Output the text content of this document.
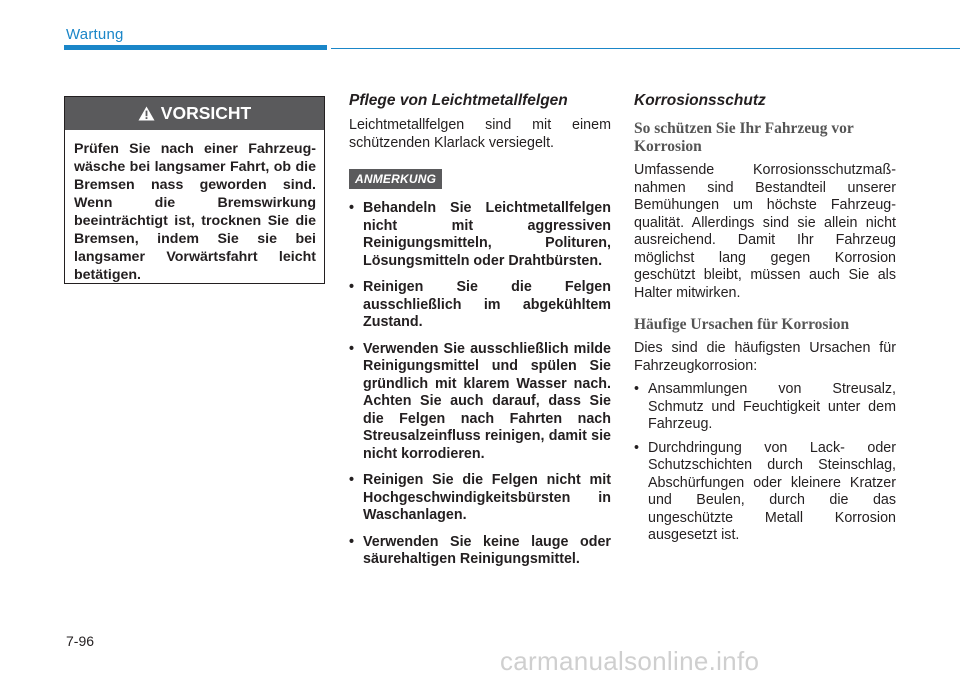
Wartung
VORSICHT
Prüfen Sie nach einer Fahrzeugwäsche bei langsamer Fahrt, ob die Bremsen nass geworden sind. Wenn die Bremswirkung beeinträchtigt ist, trocknen Sie die Bremsen, indem Sie sie bei langsamer Vorwärtsfahrt leicht betätigen.
Pflege von Leichtmetallfelgen

Leichtmetallfelgen sind mit einem schützenden Klarlack versiegelt.

ANMERKUNG
• Behandeln Sie Leichtmetallfelgen nicht mit aggressiven Reinigungsmitteln, Polituren, Lösungsmitteln oder Drahtbürsten.
• Reinigen Sie die Felgen ausschließlich im abgekühltem Zustand.
• Verwenden Sie ausschließlich milde Reinigungsmittel und spülen Sie gründlich mit klarem Wasser nach. Achten Sie auch darauf, dass Sie die Felgen nach Fahrten nach Streusalzeinfluss reinigen, damit sie nicht korrodieren.
• Reinigen Sie die Felgen nicht mit Hochgeschwindigkeitsbürsten in Waschanlagen.
• Verwenden Sie keine lauge oder säurehaltigen Reinigungsmittel.
Korrosionsschutz
So schützen Sie Ihr Fahrzeug vor Korrosion

Umfassende Korrosionsschutzmaßnahmen sind Bestandteil unserer Bemühungen um höchste Fahrzeugqualität. Allerdings sind sie allein nicht ausreichend. Damit Ihr Fahrzeug möglichst lang gegen Korrosion geschützt bleibt, müssen auch Sie als Halter mitwirken.

Häufige Ursachen für Korrosion

Dies sind die häufigsten Ursachen für Fahrzeugkorrosion:

• Ansammlungen von Streusalz, Schmutz und Feuchtigkeit unter dem Fahrzeug.
• Durchdringung von Lack- oder Schutzschichten durch Steinschlag, Abschürfungen oder kleinere Kratzer und Beulen, durch die das ungeschützte Metall Korrosion ausgesetzt ist.
7-96
carmanualsonline.info
